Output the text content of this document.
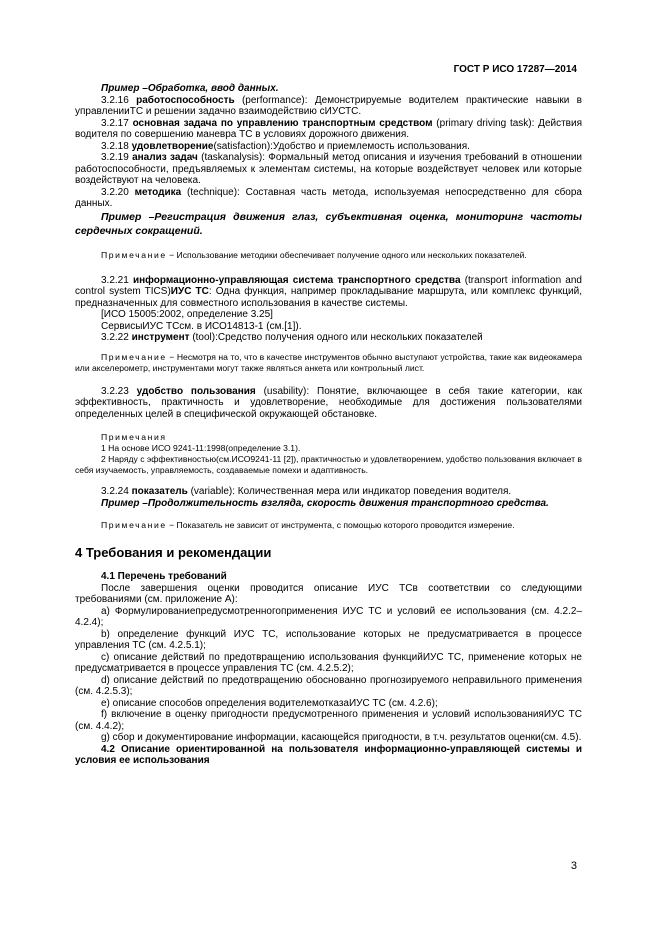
ГОСТ Р ИСО 17287—2014

Пример –Обработка, ввод данных.

3.2.16 работоспособность (performance): Демонстрируемые водителем практические навыки в управленииТС и решении задачно взаимодействию сИУСТС.

3.2.17 основная задача по управлению транспортным средством (primary driving task): Действия водителя по совершению маневра ТС в условиях дорожного движения.

3.2.18 удовлетворение(satisfaction):Удобство и приемлемость использования.

3.2.19 анализ задач (taskanalysis): Формальный метод описания и изучения требований в отношении работоспособности, предъявляемых к элементам системы, на которые воздействует человек или которые воздействуют на человека.

3.2.20 методика (technique): Составная часть метода, используемая непосредственно для сбора данных.

Пример –Регистрация движения глаз, субъективная оценка, мониторинг частоты сердечных сокращений.

Примечание − Использование методики обеспечивает получение одного или нескольких показателей.

3.2.21 информационно-управляющая система транспортного средства (transport information and control system TICS)ИУС ТС: Одна функция, например прокладывание маршрута, или комплекс функций, предназначенных для совместного использования в качестве системы.

[ИСО 15005:2002, определение 3.25]

СервисыИУС ТСсм. в ИСО14813-1 (см.[1]).

3.2.22 инструмент (tool):Средство получения одного или нескольких показателей

Примечание − Несмотря на то, что в качестве инструментов обычно выступают устройства, такие как видеокамера или акселерометр, инструментами могут также являться анкета или контрольный лист.

3.2.23 удобство пользования (usability): Понятие, включающее в себя такие категории, как эффективность, практичность и удовлетворение, необходимые для достижения пользователями определенных целей в специфической окружающей обстановке.

Примечания

1 На основе ИСО 9241-11:1998(определение 3.1).

2 Наряду с эффективностью(см.ИСО9241-11 [2]), практичностью и удовлетворением, удобство пользования включает в себя изучаемость, управляемость, создаваемые помехи и адаптивность.

3.2.24 показатель (variable): Количественная мера или индикатор поведения водителя.

Пример –Продолжительность взгляда, скорость движения транспортного средства.

Примечание − Показатель не зависит от инструмента, с помощью которого проводится измерение.

4 Требования и рекомендации

4.1 Перечень требований

После завершения оценки проводится описание ИУС ТСв соответствии со следующими требованиями (см. приложение А):

a) Формулированиепредусмотренногоприменения ИУС ТС и условий ее использования (см. 4.2.2–4.2.4);

b) определение функций ИУС ТС, использование которых не предусматривается в процессе управления ТС (см. 4.2.5.1);

c) описание действий по предотвращению использования функцийИУС ТС, применение которых не предусматривается в процессе управления ТС (см. 4.2.5.2);

d) описание действий по предотвращению обоснованно прогнозируемого неправильного применения (см. 4.2.5.3);

e) описание способов определения водителемотказаИУС ТС (см. 4.2.6);

f) включение в оценку пригодности предусмотренного применения и условий использованияИУС ТС (см. 4.4.2);

g) сбор и документирование информации, касающейся пригодности, в т.ч. результатов оценки(см. 4.5).

4.2 Описание ориентированной на пользователя информационно-управляющей системы и условия ее использования

3
